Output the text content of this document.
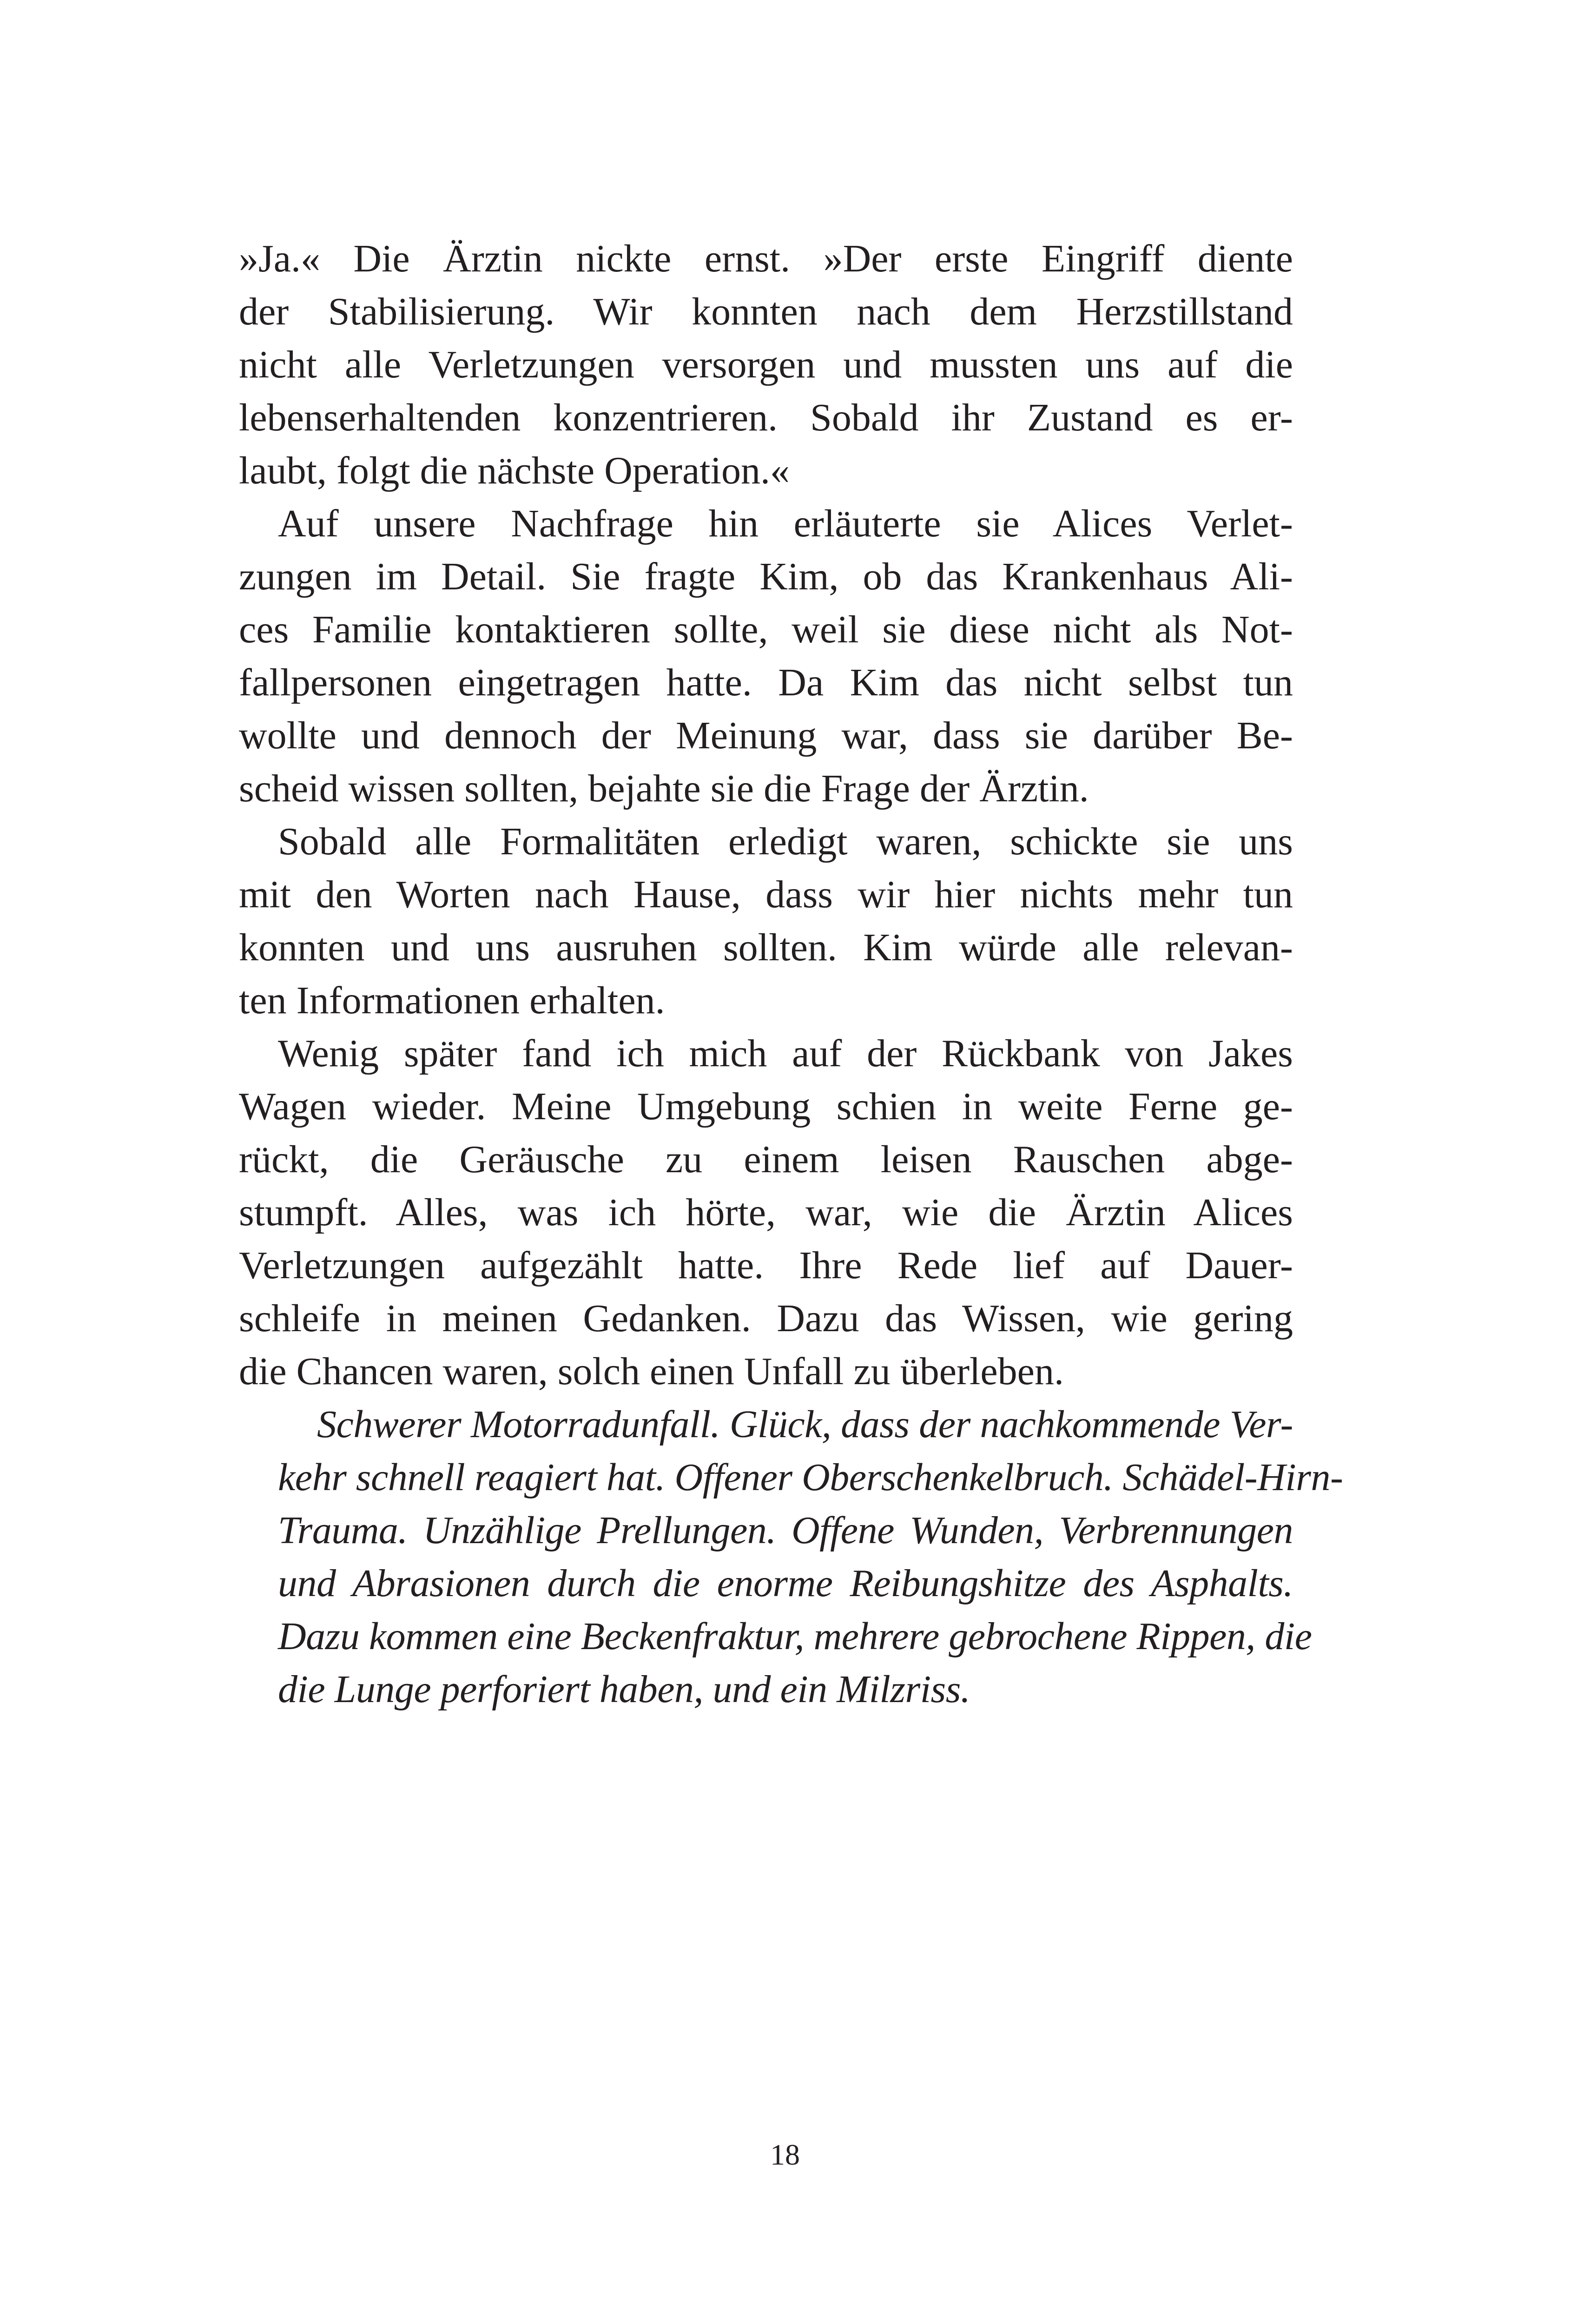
»Ja.« Die Ärztin nickte ernst. »Der erste Eingriff diente
der Stabilisierung. Wir konnten nach dem Herzstillstand
nicht alle Verletzungen versorgen und mussten uns auf die
lebenserhaltenden konzentrieren. Sobald ihr Zustand es er-
laubt, folgt die nächste Operation.«
Auf unsere Nachfrage hin erläuterte sie Alices Verlet-
zungen im Detail. Sie fragte Kim, ob das Krankenhaus Ali-
ces Familie kontaktieren sollte, weil sie diese nicht als Not-
fallpersonen eingetragen hatte. Da Kim das nicht selbst tun
wollte und dennoch der Meinung war, dass sie darüber Be-
scheid wissen sollten, bejahte sie die Frage der Ärztin.
Sobald alle Formalitäten erledigt waren, schickte sie uns
mit den Worten nach Hause, dass wir hier nichts mehr tun
konnten und uns ausruhen sollten. Kim würde alle relevan-
ten Informationen erhalten.
Wenig später fand ich mich auf der Rückbank von Jakes
Wagen wieder. Meine Umgebung schien in weite Ferne ge-
rückt, die Geräusche zu einem leisen Rauschen abge-
stumpft. Alles, was ich hörte, war, wie die Ärztin Alices
Verletzungen aufgezählt hatte. Ihre Rede lief auf Dauer-
schleife in meinen Gedanken. Dazu das Wissen, wie gering
die Chancen waren, solch einen Unfall zu überleben.
Schwerer Motorradunfall. Glück, dass der nachkommende Ver-
kehr schnell reagiert hat. Offener Oberschenkelbruch. Schädel-Hirn-
Trauma. Unzählige Prellungen. Offene Wunden, Verbrennungen
und Abrasionen durch die enorme Reibungshitze des Asphalts.
Dazu kommen eine Beckenfraktur, mehrere gebrochene Rippen, die
die Lunge perforiert haben, und ein Milzriss.
18
